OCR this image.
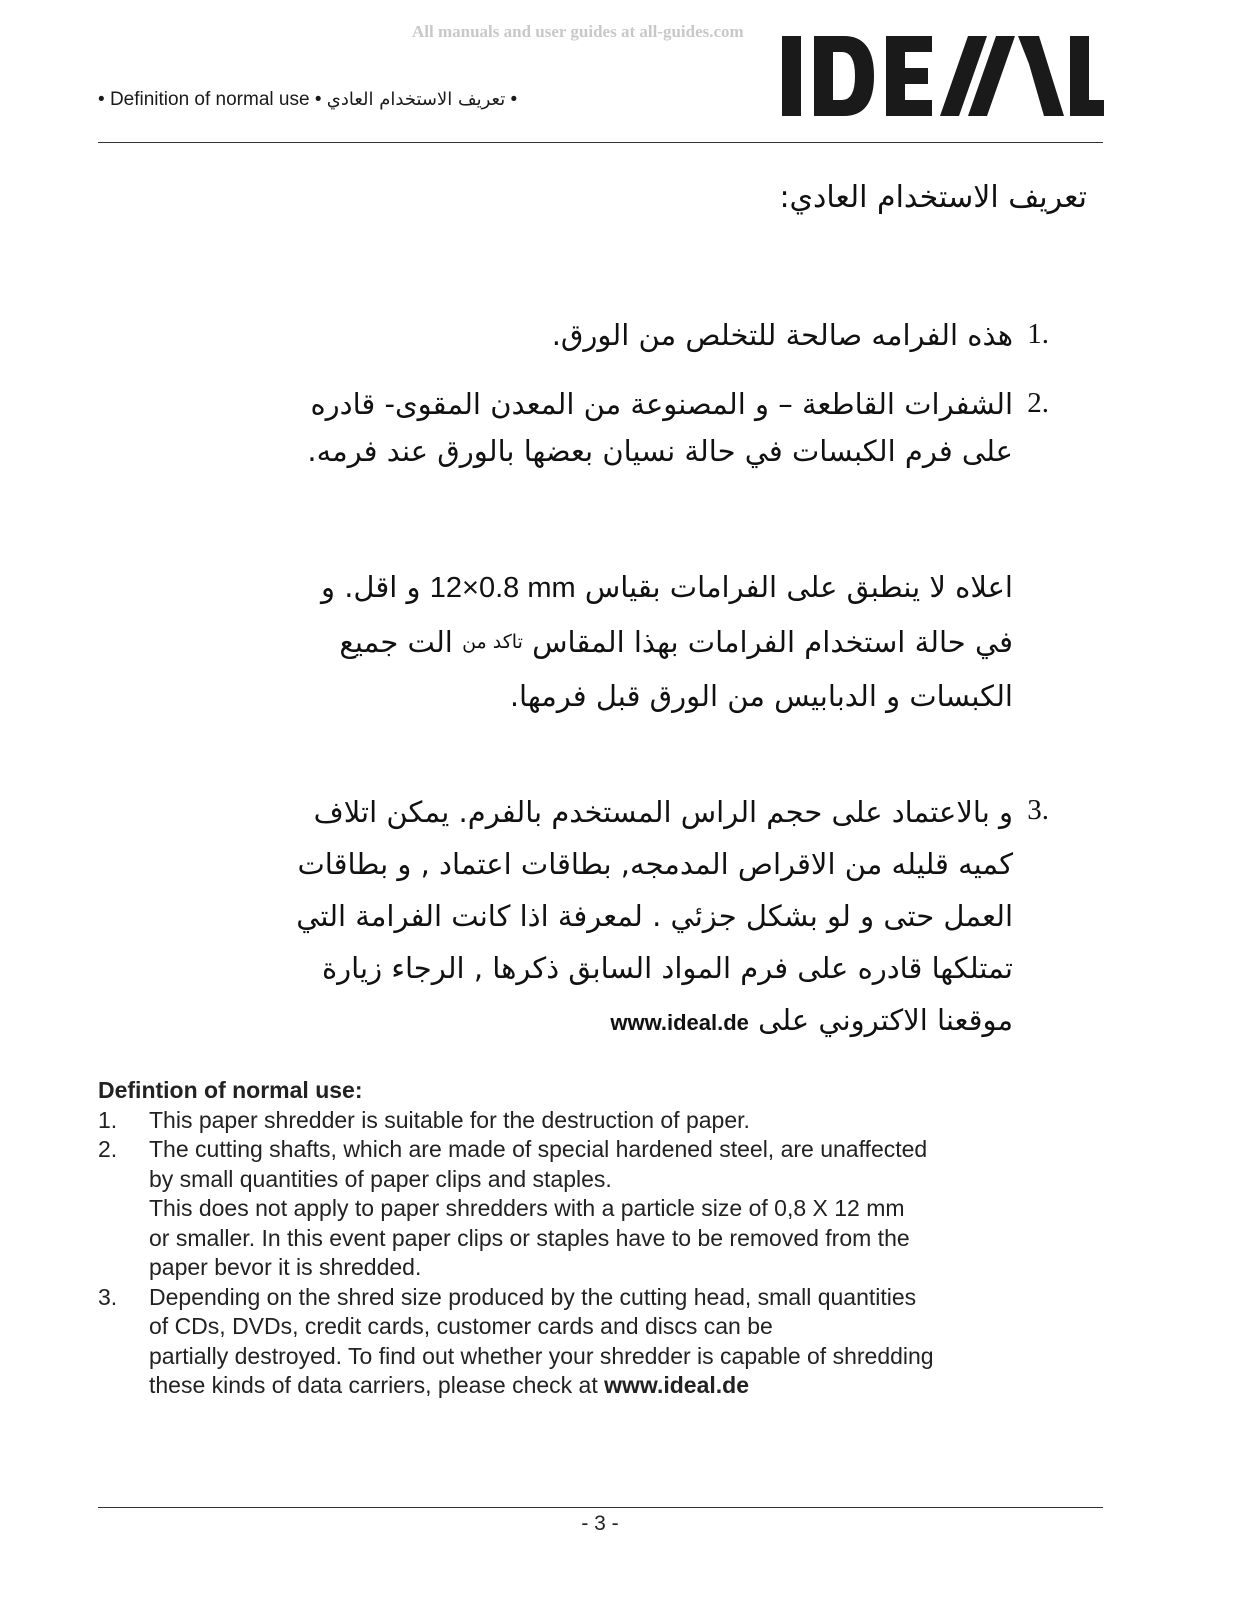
All manuals and user guides at all-guides.com
• Definition of normal use • تعريف الاستخدام العادي •
تعريف الاستخدام العادي:
1.
هذه الفرامه صالحة للتخلص من الورق.
2.
الشفرات القاطعة – و المصنوعة من المعدن المقوى- قادره
على فرم الكبسات في حالة نسيان بعضها بالورق عند فرمه.
اعلاه لا ينطبق على الفرامات بقياس 12×0.8 mm و اقل. و
في حالة استخدام الفرامات بهذا المقاس $^{تاكد من}$ الت جميع
الكبسات و الدبابيس من الورق قبل فرمها.
3.
و بالاعتماد على حجم الراس المستخدم بالفرم. يمكن اتلاف
كميه قليله من الاقراص المدمجه, بطاقات اعتماد , و بطاقات
العمل حتى و لو بشكل جزئي . لمعرفة اذا كانت الفرامة التي
تمتلكها قادره على فرم المواد السابق ذكرها , الرجاء زيارة
موقعنا الاكتروني على www.ideal.de
Defintion of normal use:
1.	This paper shredder is suitable for the destruction of paper.
2.	The cutting shafts, which are made of special hardened steel, are unaffected
by small quantities of paper clips and staples.
This does not apply to paper shredders with a particle size of 0,8 X 12 mm
or smaller. In this event paper clips or staples have to be removed from the
paper bevor it is shredded.
3.	Depending on the shred size produced by the cutting head, small quantities
of CDs, DVDs, credit cards, customer cards and discs can be
partially destroyed. To find out whether your shredder is capable of shredding
these kinds of data carriers, please check at www.ideal.de
- 3 -
